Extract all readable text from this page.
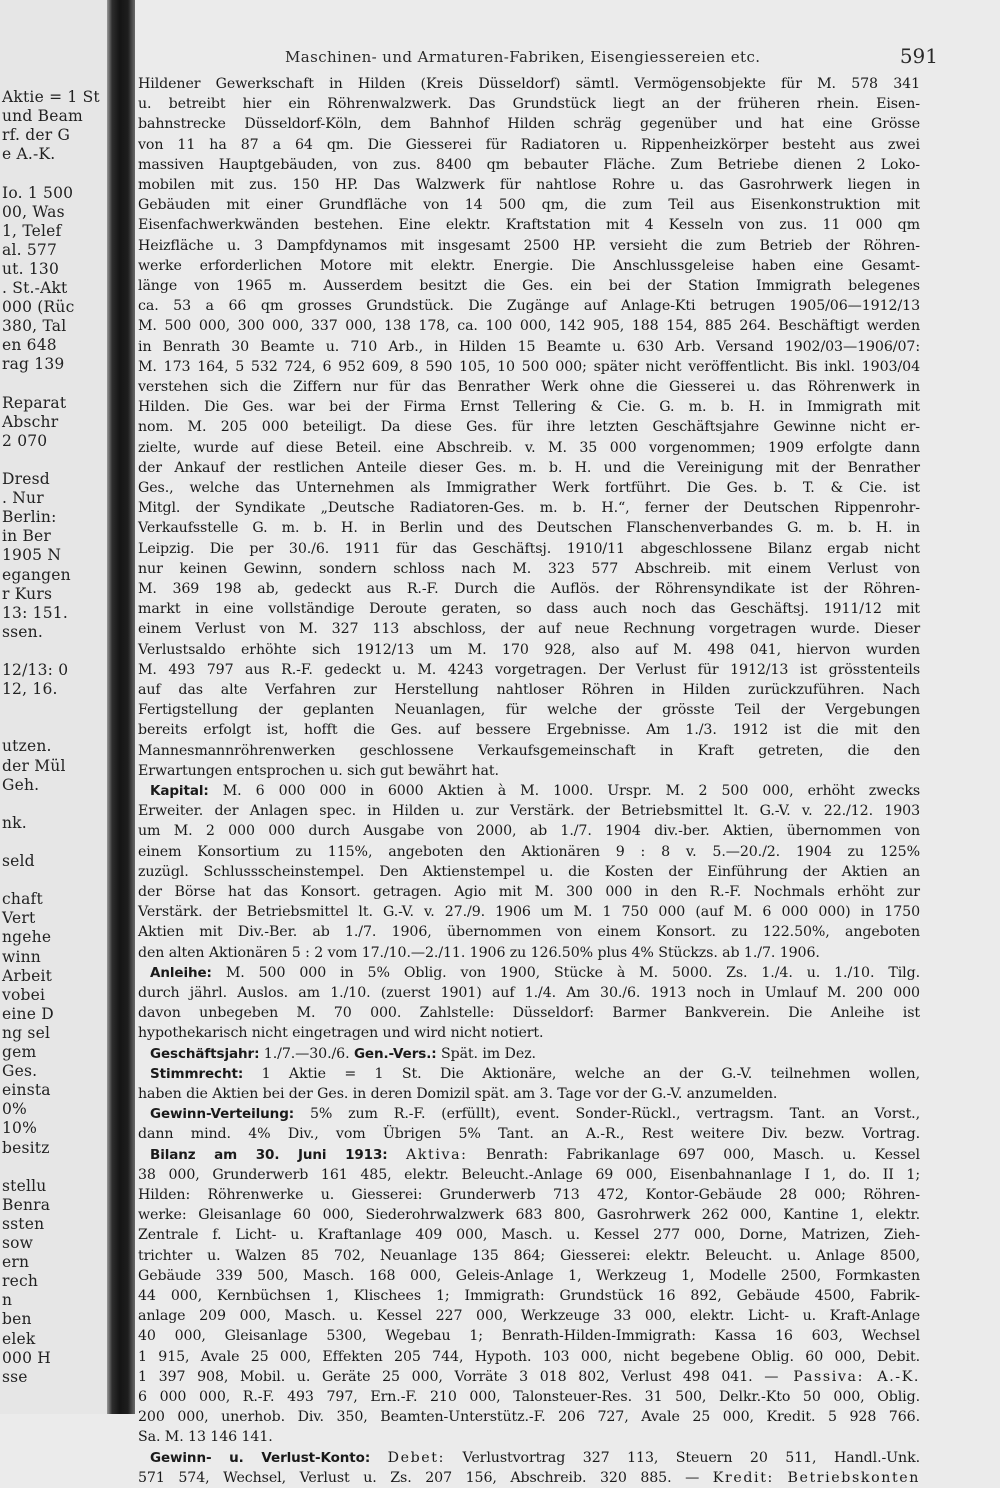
Aktie = 1 St
und Beam
rf. der G
e A.-K.
Io. 1 500
00, Was
1, Telef
al. 577
ut. 130
. St.-Akt
000 (Rüc
380, Tal
en 648
rag 139
Reparat
Abschr
2 070
Dresd
. Nur
Berlin:
in Ber
1905 N
egangen
r Kurs
13: 151.
ssen.
12/13: 0
12, 16.
utzen.
der Mül
Geh.
nk.
seld
chaft
Vert
ngehe
winn
Arbeit
vobei
eine D
ng sel
gem
Ges.
einsta
0%
10%
besitz
stellu
Benra
ssten
sow
ern
rech
n
ben
elek
000 H
sse
Maschinen- und Armaturen-Fabriken, Eisengiessereien etc.	591
Hildener Gewerkschaft in Hilden (Kreis Düsseldorf) sämtl. Vermögensobjekte für M. 578 341
u. betreibt hier ein Röhrenwalzwerk. Das Grundstück liegt an der früheren rhein. Eisen-
bahnstrecke Düsseldorf-Köln, dem Bahnhof Hilden schräg gegenüber und hat eine Grösse
von 11 ha 87 a 64 qm. Die Giesserei für Radiatoren u. Rippenheizkörper besteht aus zwei
massiven Hauptgebäuden, von zus. 8400 qm bebauter Fläche. Zum Betriebe dienen 2 Loko-
mobilen mit zus. 150 HP. Das Walzwerk für nahtlose Rohre u. das Gasrohrwerk liegen in
Gebäuden mit einer Grundfläche von 14 500 qm, die zum Teil aus Eisenkonstruktion mit
Eisenfachwerkwänden bestehen. Eine elektr. Kraftstation mit 4 Kesseln von zus. 11 000 qm
Heizfläche u. 3 Dampfdynamos mit insgesamt 2500 HP. versieht die zum Betrieb der Röhren-
werke erforderlichen Motore mit elektr. Energie. Die Anschlussgeleise haben eine Gesamt-
länge von 1965 m. Ausserdem besitzt die Ges. ein bei der Station Immigrath belegenes
ca. 53 a 66 qm grosses Grundstück. Die Zugänge auf Anlage-Kti betrugen 1905/06—1912/13
M. 500 000, 300 000, 337 000, 138 178, ca. 100 000, 142 905, 188 154, 885 264. Beschäftigt werden
in Benrath 30 Beamte u. 710 Arb., in Hilden 15 Beamte u. 630 Arb. Versand 1902/03—1906/07:
M. 173 164, 5 532 724, 6 952 609, 8 590 105, 10 500 000; später nicht veröffentlicht. Bis inkl. 1903/04
verstehen sich die Ziffern nur für das Benrather Werk ohne die Giesserei u. das Röhrenwerk in
Hilden. Die Ges. war bei der Firma Ernst Tellering & Cie. G. m. b. H. in Immigrath mit
nom. M. 205 000 beteiligt. Da diese Ges. für ihre letzten Geschäftsjahre Gewinne nicht er-
zielte, wurde auf diese Beteil. eine Abschreib. v. M. 35 000 vorgenommen; 1909 erfolgte dann
der Ankauf der restlichen Anteile dieser Ges. m. b. H. und die Vereinigung mit der Benrather
Ges., welche das Unternehmen als Immigrather Werk fortführt. Die Ges. b. T. & Cie. ist
Mitgl. der Syndikate „Deutsche Radiatoren-Ges. m. b. H.“, ferner der Deutschen Rippenrohr-
Verkaufsstelle G. m. b. H. in Berlin und des Deutschen Flanschenverbandes G. m. b. H. in
Leipzig. Die per 30./6. 1911 für das Geschäftsj. 1910/11 abgeschlossene Bilanz ergab nicht
nur keinen Gewinn, sondern schloss nach M. 323 577 Abschreib. mit einem Verlust von
M. 369 198 ab, gedeckt aus R.-F. Durch die Auflös. der Röhrensyndikate ist der Röhren-
markt in eine vollständige Deroute geraten, so dass auch noch das Geschäftsj. 1911/12 mit
einem Verlust von M. 327 113 abschloss, der auf neue Rechnung vorgetragen wurde. Dieser
Verlustsaldo erhöhte sich 1912/13 um M. 170 928, also auf M. 498 041, hiervon wurden
M. 493 797 aus R.-F. gedeckt u. M. 4243 vorgetragen. Der Verlust für 1912/13 ist grösstenteils
auf das alte Verfahren zur Herstellung nahtloser Röhren in Hilden zurückzuführen. Nach
Fertigstellung der geplanten Neuanlagen, für welche der grösste Teil der Vergebungen
bereits erfolgt ist, hofft die Ges. auf bessere Ergebnisse. Am 1./3. 1912 ist die mit den
Mannesmannröhrenwerken geschlossene Verkaufsgemeinschaft in Kraft getreten, die den
Erwartungen entsprochen u. sich gut bewährt hat.
Kapital: M. 6 000 000 in 6000 Aktien à M. 1000. Urspr. M. 2 500 000, erhöht zwecks
Erweiter. der Anlagen spec. in Hilden u. zur Verstärk. der Betriebsmittel lt. G.-V. v. 22./12. 1903
um M. 2 000 000 durch Ausgabe von 2000, ab 1./7. 1904 div.-ber. Aktien, übernommen von
einem Konsortium zu 115%, angeboten den Aktionären 9 : 8 v. 5.—20./2. 1904 zu 125%
zuzügl. Schlussscheinstempel. Den Aktienstempel u. die Kosten der Einführung der Aktien an
der Börse hat das Konsort. getragen. Agio mit M. 300 000 in den R.-F. Nochmals erhöht zur
Verstärk. der Betriebsmittel lt. G.-V. v. 27./9. 1906 um M. 1 750 000 (auf M. 6 000 000) in 1750
Aktien mit Div.-Ber. ab 1./7. 1906, übernommen von einem Konsort. zu 122.50%, angeboten
den alten Aktionären 5 : 2 vom 17./10.—2./11. 1906 zu 126.50% plus 4% Stückzs. ab 1./7. 1906.
Anleihe: M. 500 000 in 5% Oblig. von 1900, Stücke à M. 5000. Zs. 1./4. u. 1./10. Tilg.
durch jährl. Auslos. am 1./10. (zuerst 1901) auf 1./4. Am 30./6. 1913 noch in Umlauf M. 200 000
davon unbegeben M. 70 000. Zahlstelle: Düsseldorf: Barmer Bankverein. Die Anleihe ist
hypothekarisch nicht eingetragen und wird nicht notiert.
Geschäftsjahr: 1./7.—30./6. Gen.-Vers.: Spät. im Dez.
Stimmrecht: 1 Aktie = 1 St. Die Aktionäre, welche an der G.-V. teilnehmen wollen,
haben die Aktien bei der Ges. in deren Domizil spät. am 3. Tage vor der G.-V. anzumelden.
Gewinn-Verteilung: 5% zum R.-F. (erfüllt), event. Sonder-Rückl., vertragsm. Tant. an Vorst.,
dann mind. 4% Div., vom Übrigen 5% Tant. an A.-R., Rest weitere Div. bezw. Vortrag.
Bilanz am 30. Juni 1913: Aktiva: Benrath: Fabrikanlage 697 000, Masch. u. Kessel
38 000, Grunderwerb 161 485, elektr. Beleucht.-Anlage 69 000, Eisenbahnanlage I 1, do. II 1;
Hilden: Röhrenwerke u. Giesserei: Grunderwerb 713 472, Kontor-Gebäude 28 000; Röhren-
werke: Gleisanlage 60 000, Siederohrwalzwerk 683 800, Gasrohrwerk 262 000, Kantine 1, elektr.
Zentrale f. Licht- u. Kraftanlage 409 000, Masch. u. Kessel 277 000, Dorne, Matrizen, Zieh-
trichter u. Walzen 85 702, Neuanlage 135 864; Giesserei: elektr. Beleucht. u. Anlage 8500,
Gebäude 339 500, Masch. 168 000, Geleis-Anlage 1, Werkzeug 1, Modelle 2500, Formkasten
44 000, Kernbüchsen 1, Klischees 1; Immigrath: Grundstück 16 892, Gebäude 4500, Fabrik-
anlage 209 000, Masch. u. Kessel 227 000, Werkzeuge 33 000, elektr. Licht- u. Kraft-Anlage
40 000, Gleisanlage 5300, Wegebau 1; Benrath-Hilden-Immigrath: Kassa 16 603, Wechsel
1 915, Avale 25 000, Effekten 205 744, Hypoth. 103 000, nicht begebene Oblig. 60 000, Debit.
1 397 908, Mobil. u. Geräte 25 000, Vorräte 3 018 802, Verlust 498 041. — Passiva: A.-K.
6 000 000, R.-F. 493 797, Ern.-F. 210 000, Talonsteuer-Res. 31 500, Delkr.-Kto 50 000, Oblig.
200 000, unerhob. Div. 350, Beamten-Unterstütz.-F. 206 727, Avale 25 000, Kredit. 5 928 766.
Sa. M. 13 146 141.
Gewinn- u. Verlust-Konto: Debet: Verlustvortrag 327 113, Steuern 20 511, Handl.-Unk.
571 574, Wechsel, Verlust u. Zs. 207 156, Abschreib. 320 885. — Kredit: Betriebskonten
